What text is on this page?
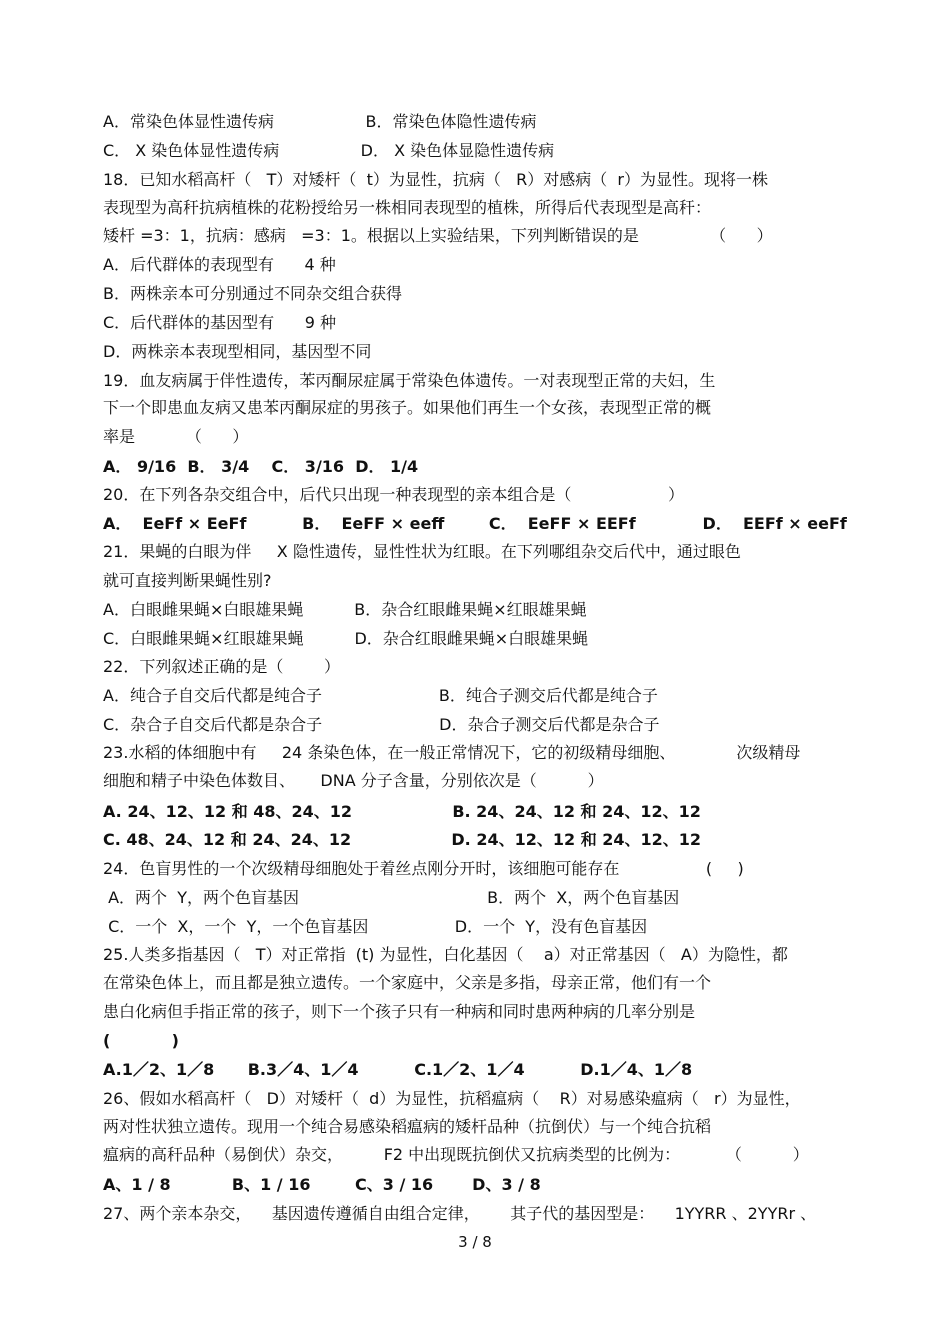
A．常染色体显性遗传病                  B．常染色体隐性遗传病
C． X 染色体显性遗传病                D． X 染色体显隐性遗传病
18．已知水稻高杆（   T）对矮杆（  t）为显性，抗病（   R）对感病（  r）为显性。现将一株
表现型为高秆抗病植株的花粉授给另一株相同表现型的植株，所得后代表现型是高秆：
矮杆 =3：1，抗病：感病   =3：1。根据以上实验结果，下列判断错误的是              （      ）
A．后代群体的表现型有      4 种
B．两株亲本可分别通过不同杂交组合获得
C．后代群体的基因型有      9 种
D．两株亲本表现型相同，基因型不同
19．血友病属于伴性遗传，苯丙酮尿症属于常染色体遗传。一对表现型正常的夫妇，生
下一个即患血友病又患苯丙酮尿症的男孩子。如果他们再生一个女孩，表现型正常的概
率是          （      ）
A． 9/16  B． 3/4    C． 3/16  D． 1/4
20．在下列各杂交组合中，后代只出现一种表现型的亲本组合是（                   ）
A．  EeFf × EeFf          B．  EeFF × eeff        C．  EeFF × EEFf            D．  EEFf × eeFf
21．果蝇的白眼为伴     X 隐性遗传，显性性状为红眼。在下列哪组杂交后代中，通过眼色
就可直接判断果蝇性别?
A．白眼雌果蝇×白眼雄果蝇          B．杂合红眼雌果蝇×红眼雄果蝇
C．白眼雌果蝇×红眼雄果蝇          D．杂合红眼雌果蝇×白眼雄果蝇
22．下列叙述正确的是（        ）
A．纯合子自交后代都是纯合子                       B．纯合子测交后代都是纯合子
C．杂合子自交后代都是杂合子                       D．杂合子测交后代都是杂合子
23.水稻的体细胞中有     24 条染色体，在一般正常情况下，它的初级精母细胞、            次级精母
细胞和精子中染色体数目、     DNA 分子含量，分别依次是（          ）
A. 24、12、12 和 48、24、12                  B. 24、24、12 和 24、12、12
C. 48、24、12 和 24、24、12                  D. 24、12、12 和 24、12、12
24．色盲男性的一个次级精母细胞处于着丝点刚分开时，该细胞可能存在                 (     )
A．两个  Y，两个色盲基因                                     B．两个  X，两个色盲基因
C．一个  X，一个  Y，一个色盲基因                 D．一个  Y，没有色盲基因
25.人类多指基因（   T）对正常指  (t) 为显性，白化基因（    a）对正常基因（   A）为隐性，都
在常染色体上，而且都是独立遗传。一个家庭中，父亲是多指，母亲正常，他们有一个
患白化病但手指正常的孩子，则下一个孩子只有一种病和同时患两种病的几率分别是
(           )
A.1／2、1／8      B.3／4、1／4          C.1／2、1／4          D.1／4、1／8
26、假如水稻高杆（   D）对矮杆（  d）为显性，抗稻瘟病（    R）对易感染瘟病（   r）为显性，
两对性状独立遗传。现用一个纯合易感染稻瘟病的矮杆品种（抗倒伏）与一个纯合抗稻
瘟病的高秆品种（易倒伏）杂交，        F2 中出现既抗倒伏又抗病类型的比例为：         （          ）
A、1 / 8           B、1 / 16        C、3 / 16       D、3 / 8
27、两个亲本杂交，    基因遗传遵循自由组合定律，      其子代的基因型是：    1YYRR 、2YYRr 、
3 / 8
